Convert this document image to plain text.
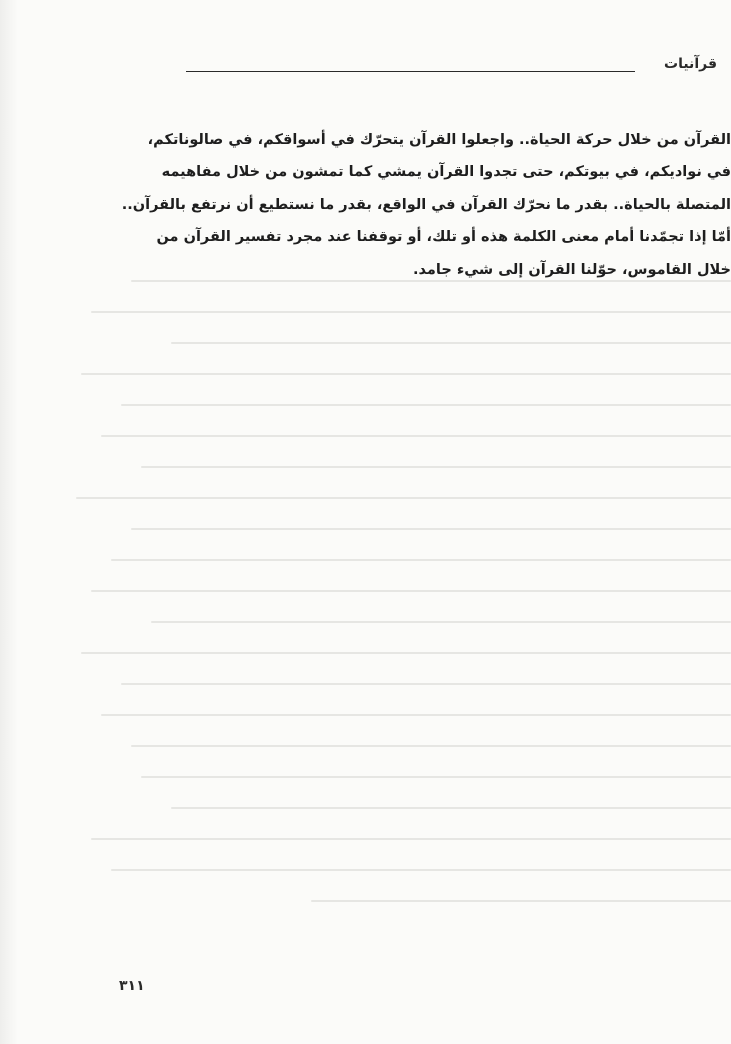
قرآنيات
القرآن من خلال حركة الحياة.. واجعلوا القرآن يتحرّك في أسواقكم، في صالوناتكم،
في نواديكم، في بيوتكم، حتى تجدوا القرآن يمشي كما تمشون من خلال مفاهيمه
المتصلة بالحياة.. بقدر ما نحرّك القرآن في الواقع، بقدر ما نستطيع أن نرتفع بالقرآن..
أمّا إذا تجمّدنا أمام معنى الكلمة هذه أو تلك، أو توقفنا عند مجرد تفسير القرآن من
خلال القاموس، حوّلنا القرآن إلى شيء جامد.
٣١١
